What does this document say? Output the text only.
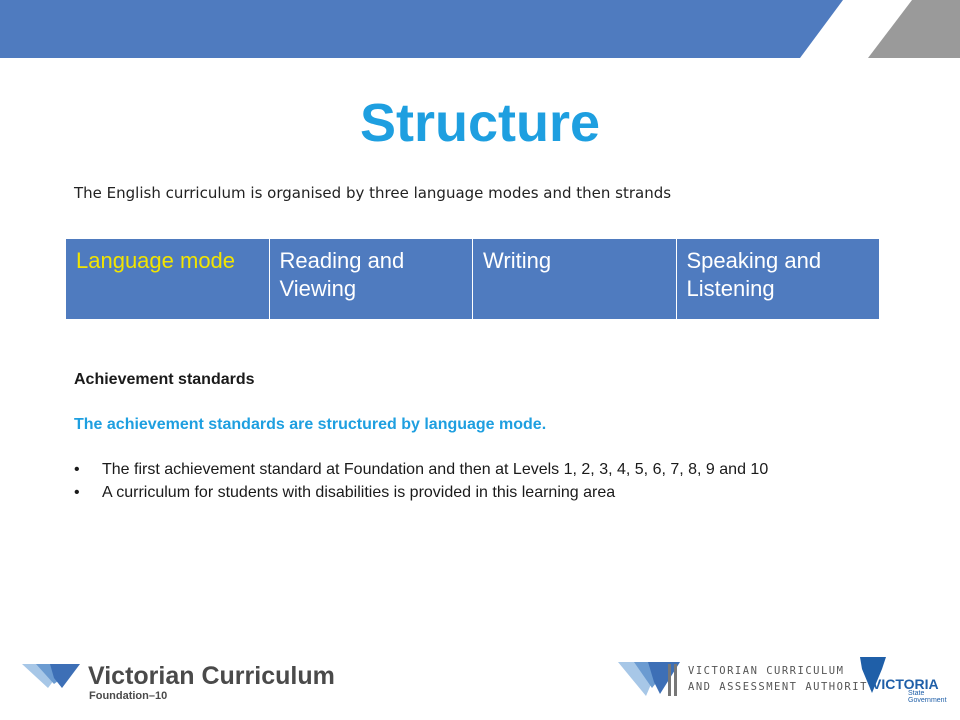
Structure
The English curriculum is organised by three language modes and then strands
Language mode	Reading and Viewing	Writing	Speaking and Listening

Achievement standards

The achievement standards are structured by language mode.

• The first achievement standard at Foundation and then at Levels 1, 2, 3, 4, 5, 6, 7, 8, 9 and 10
• A curriculum for students with disabilities is provided in this learning area
Victorian Curriculum
Foundation–10
VICTORIAN CURRICULUM
AND ASSESSMENT AUTHORITY
VICTORIA
State
Government
